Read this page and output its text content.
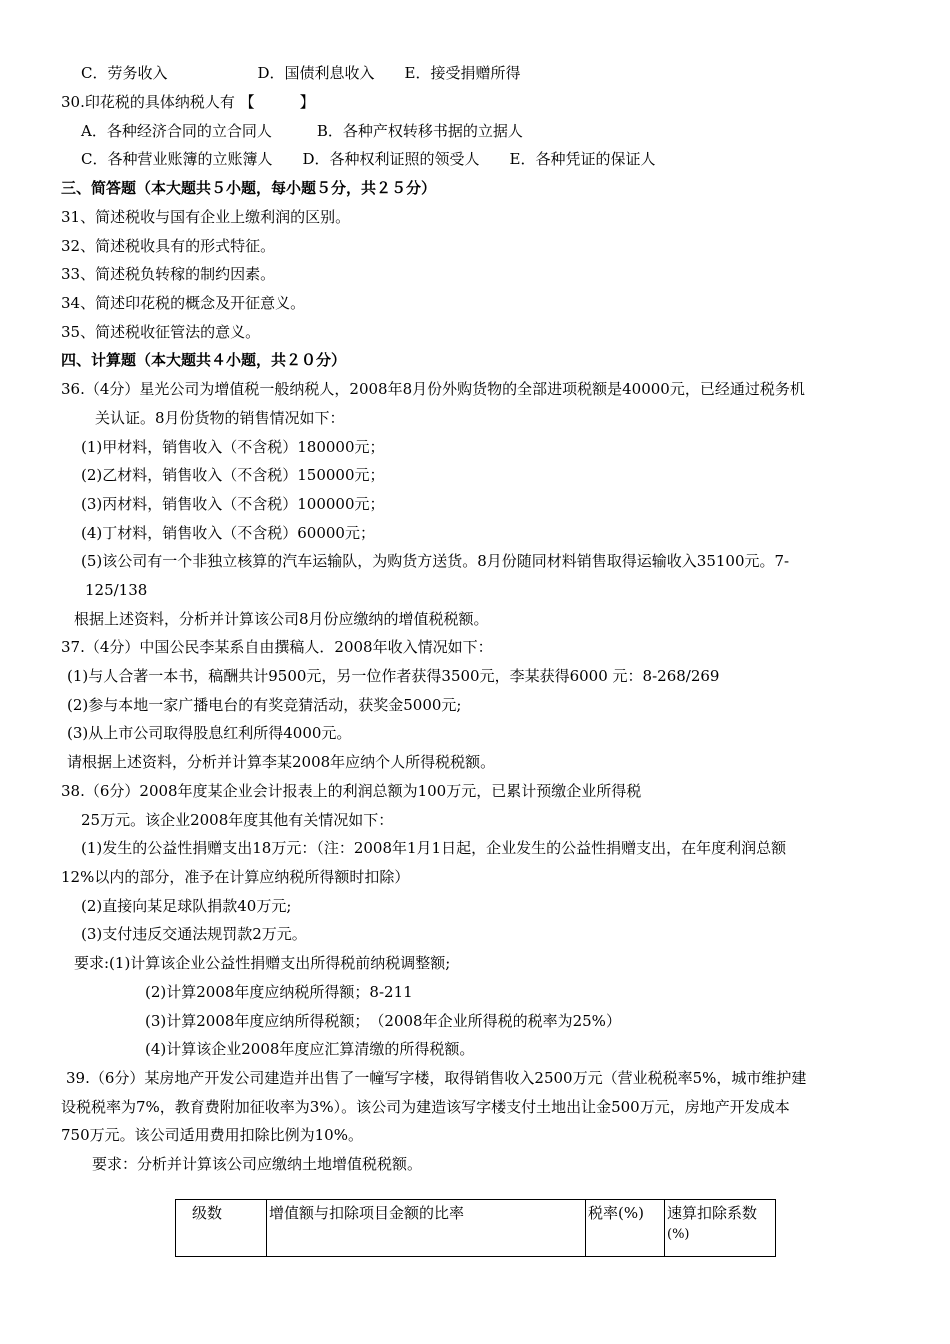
C．劳务收入　　　　　　D．国债利息收入　　E．接受捐赠所得
30.印花税的具体纳税人有 【　　　】
A．各种经济合同的立合同人　　　B．各种产权转移书据的立据人
C．各种营业账簿的立账簿人　　D．各种权利证照的领受人　　E．各种凭证的保证人
三、简答题（本大题共５小题，每小题５分，共２５分）
31、简述税收与国有企业上缴利润的区别。
32、简述税收具有的形式特征。
33、简述税负转稼的制约因素。
34、简述印花税的概念及开征意义。
35、简述税收征管法的意义。
四、计算题（本大题共４小题，共２０分）
36.（4分）星光公司为增值税一般纳税人，2008年8月份外购货物的全部进项税额是40000元，已经通过税务机
关认证。8月份货物的销售情况如下：
(1)甲材料，销售收入（不含税）180000元；
(2)乙材料，销售收入（不含税）150000元；
(3)丙材料，销售收入（不含税）100000元；
(4)丁材料，销售收入（不含税）60000元；
(5)该公司有一个非独立核算的汽车运输队，为购货方送货。8月份随同材料销售取得运输收入35100元。7-
125/138
根据上述资料，分析并计算该公司8月份应缴纳的增值税税额。
37.（4分）中国公民李某系自由撰稿人．2008年收入情况如下：
(1)与人合著一本书，稿酬共计9500元，另一位作者获得3500元，李某获得6000 元：8-268/269
(2)参与本地一家广播电台的有奖竞猜活动，获奖金5000元;
(3)从上市公司取得股息红利所得4000元。
请根据上述资料，分析并计算李某2008年应纳个人所得税税额。
38.（6分）2008年度某企业会计报表上的利润总额为100万元，已累计预缴企业所得税
25万元。该企业2008年度其他有关情况如下：
(1)发生的公益性捐赠支出18万元：（注：2008年1月1日起，企业发生的公益性捐赠支出，在年度利润总额
12%以内的部分，准予在计算应纳税所得额时扣除）
(2)直接向某足球队捐款40万元;
(3)支付违反交通法规罚款2万元。
要求:(1)计算该企业公益性捐赠支出所得税前纳税调整额;
(2)计算2008年度应纳税所得额；8-211
(3)计算2008年度应纳所得税额；　（2008年企业所得税的税率为25%）
(4)计算该企业2008年度应汇算清缴的所得税额。
39.（6分）某房地产开发公司建造并出售了一幢写字楼，取得销售收入2500万元（营业税税率5%，城市维护建
设税税率为7%，教育费附加征收率为3%）。该公司为建造该写字楼支付土地出让金500万元，房地产开发成本
750万元。该公司适用费用扣除比例为10%。
要求：分析并计算该公司应缴纳土地增值税税额。
级数	增值额与扣除项目金额的比率	税率(%)	速算扣除系数
(%)
